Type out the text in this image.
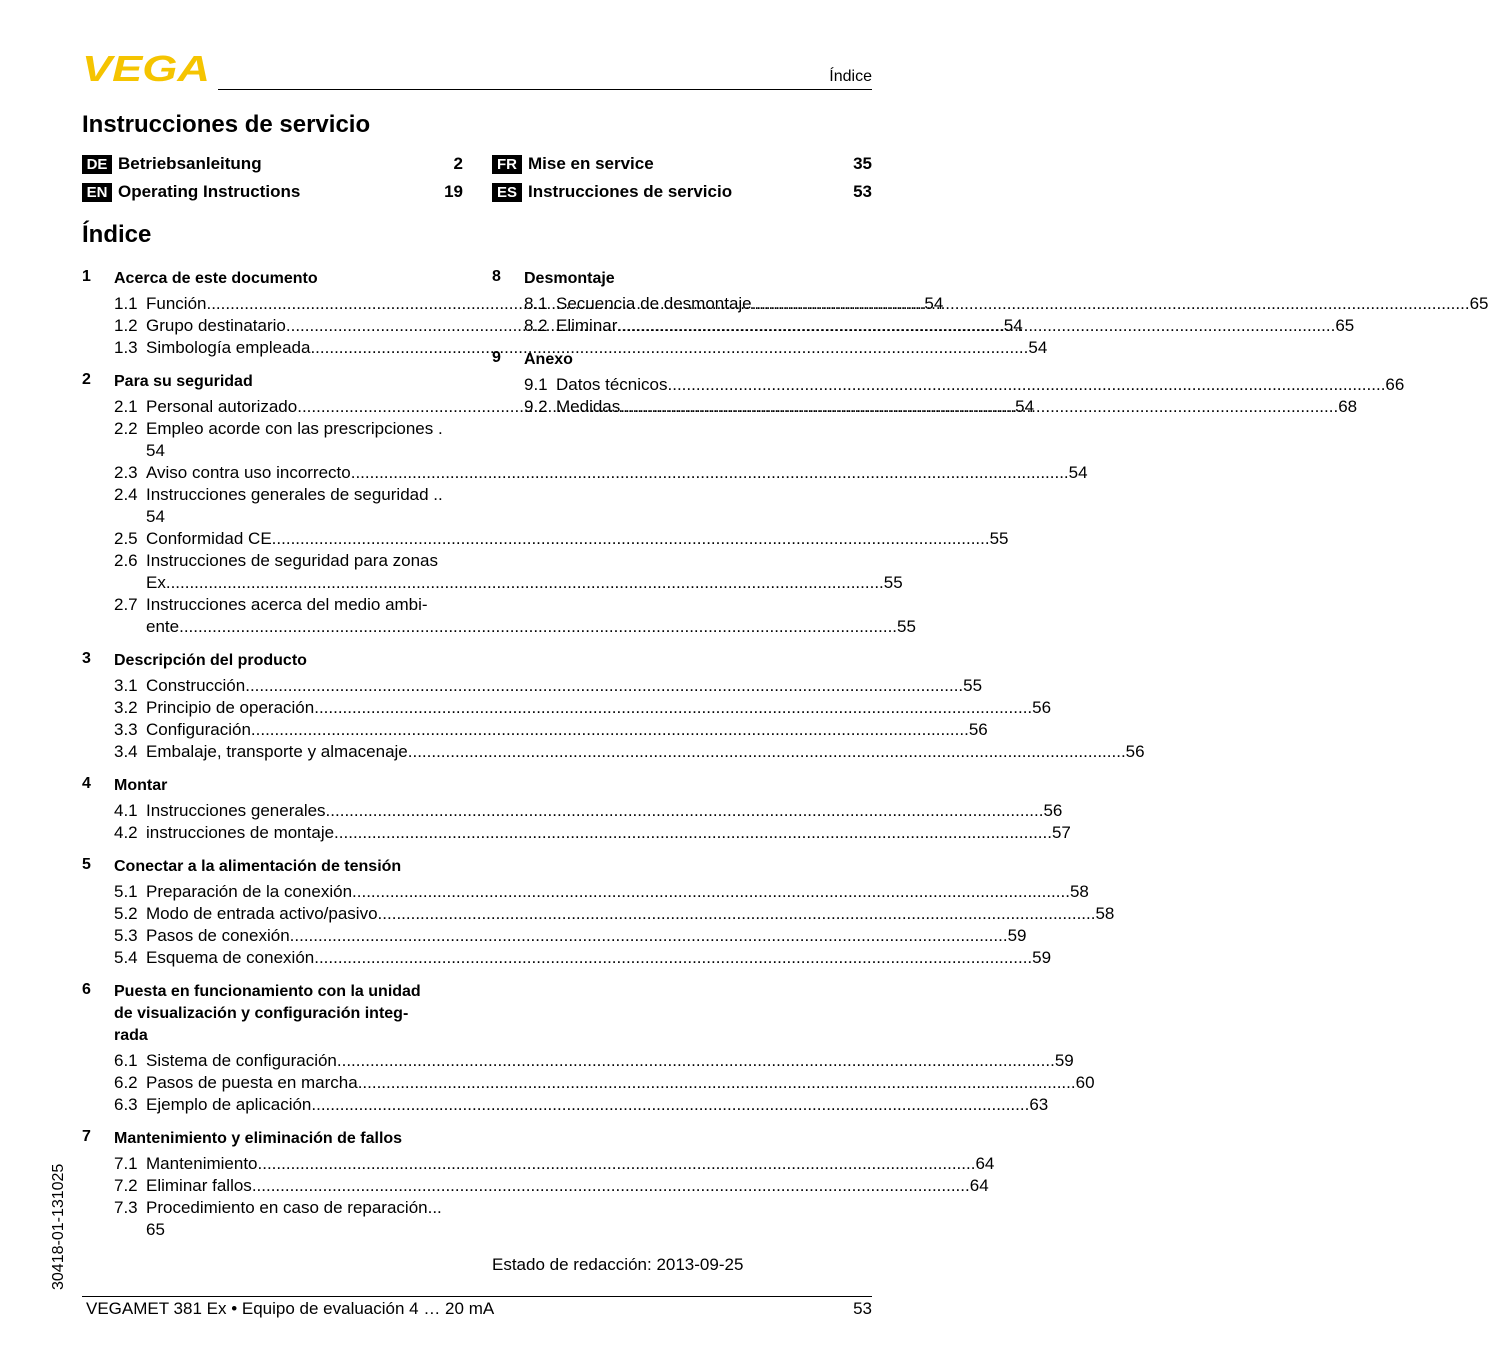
VEGA	Índice
Instrucciones de servicio
DE Betriebsanleitung	2
EN Operating Instructions	19
FR Mise en service	35
ES Instrucciones de servicio	53
Índice
1 Acerca de este documento
1.1 Función .....	54
1.2 Grupo destinatario .....	54
1.3 Simbología empleada .....	54
2 Para su seguridad
2.1 Personal autorizado .....	54
2.2 Empleo acorde con las prescripciones .
54
2.3 Aviso contra uso incorrecto .....	54
2.4 Instrucciones generales de seguridad ..
54
2.5 Conformidad CE .....	55
2.6 Instrucciones de seguridad para zonas
Ex .....	55
2.7 Instrucciones acerca del medio ambi-
ente .....	55
3 Descripción del producto
3.1 Construcción .....	55
3.2 Principio de operación .....	56
3.3 Configuración .....	56
3.4 Embalaje, transporte y almacenaje .....	56
4 Montar
4.1 Instrucciones generales .....	56
4.2 instrucciones de montaje .....	57
5 Conectar a la alimentación de tensión
5.1 Preparación de la conexión .....	58
5.2 Modo de entrada activo/pasivo .....	58
5.3 Pasos de conexión .....	59
5.4 Esquema de conexión .....	59
6 Puesta en funcionamiento con la unidad
de visualización y configuración integ-
rada
6.1 Sistema de configuración .....	59
6.2 Pasos de puesta en marcha .....	60
6.3 Ejemplo de aplicación .....	63
7 Mantenimiento y eliminación de fallos
7.1 Mantenimiento .....	64
7.2 Eliminar fallos .....	64
7.3 Procedimiento en caso de reparación...
65
8 Desmontaje
8.1 Secuencia de desmontaje .....	65
8.2 Eliminar .....	65
9 Anexo
9.1 Datos técnicos .....	66
9.2 Medidas .....	68
Estado de redacción: 2013-09-25
30418-01-131025
VEGAMET 381 Ex • Equipo de evaluación 4 … 20 mA	53
